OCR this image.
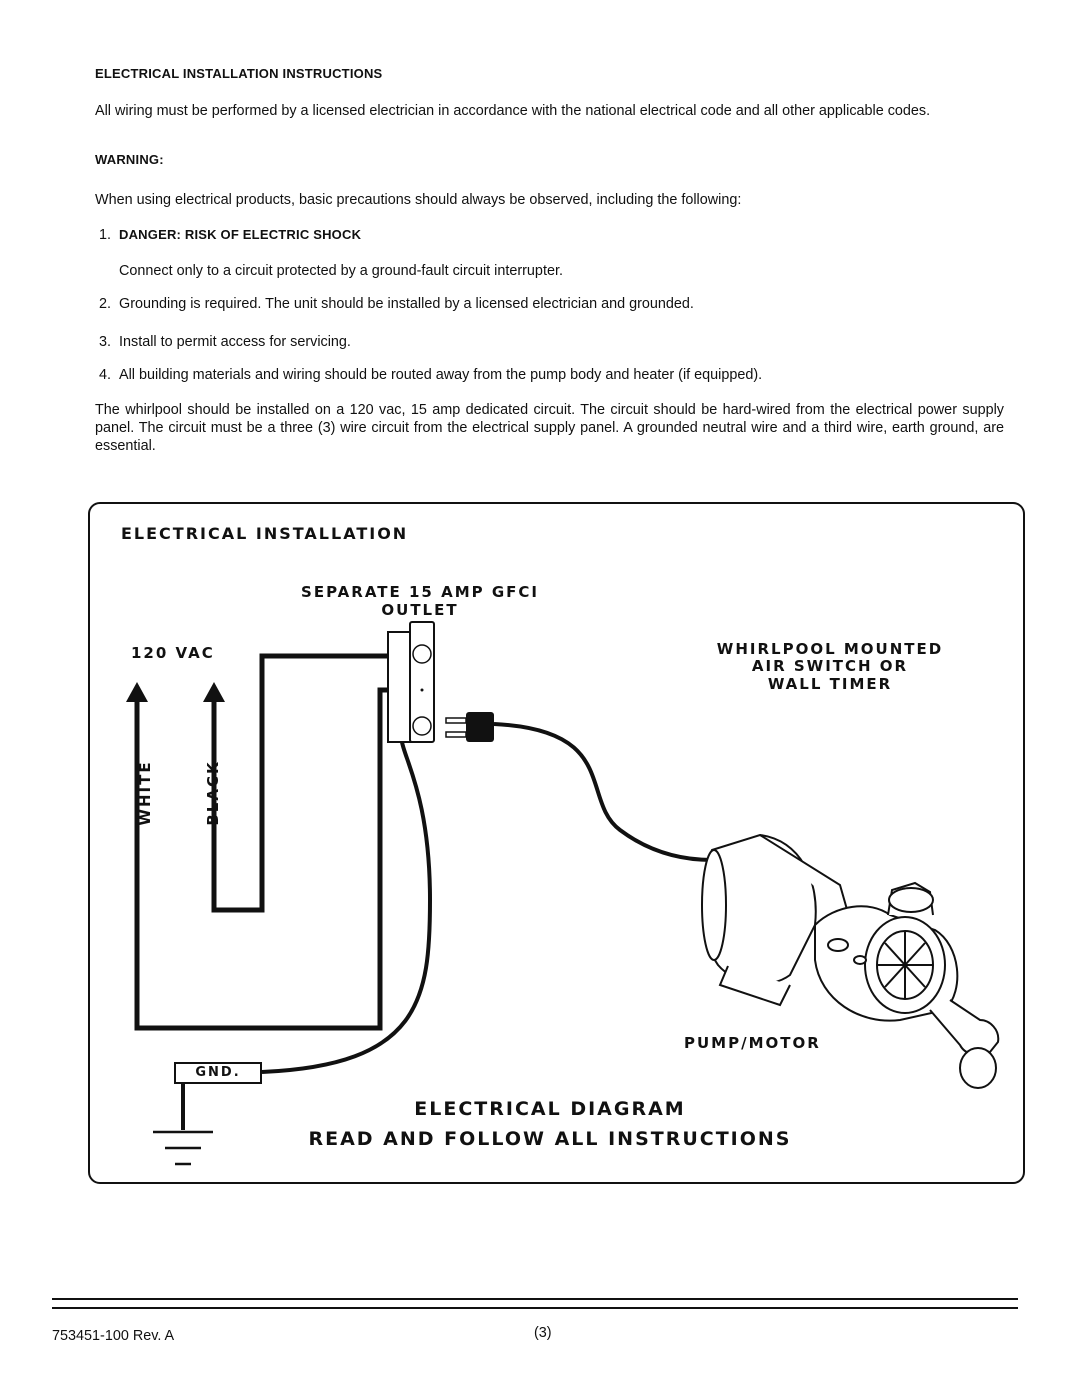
ELECTRICAL INSTALLATION INSTRUCTIONS
All wiring must be performed by a licensed electrician in accordance with the national electrical code and all other applicable codes.
WARNING:
When using electrical products, basic precautions should always be observed, including the following:
1. DANGER: RISK OF ELECTRIC SHOCK
Connect only to a circuit protected by a ground-fault circuit interrupter.
2. Grounding is required. The unit should be installed by a licensed electrician and grounded.
3. Install to permit access for servicing.
4. All building materials and wiring should be routed away from the pump body and heater (if equipped).
The whirlpool should be installed on a 120 vac, 15 amp dedicated circuit. The circuit should be hard-wired from the electrical power supply panel. The circuit must be a three (3) wire circuit from the electrical supply panel. A grounded neutral wire and a third wire, earth ground, are essential.
ELECTRICAL INSTALLATION
SEPARATE 15 AMP GFCI
OUTLET
120 VAC	WHIRLPOOL MOUNTED
AIR SWITCH OR
WALL TIMER
WHITE	BLACK
PUMP/MOTOR
GND.
ELECTRICAL DIAGRAM
READ AND FOLLOW ALL INSTRUCTIONS
753451-100 Rev. A	(3)
